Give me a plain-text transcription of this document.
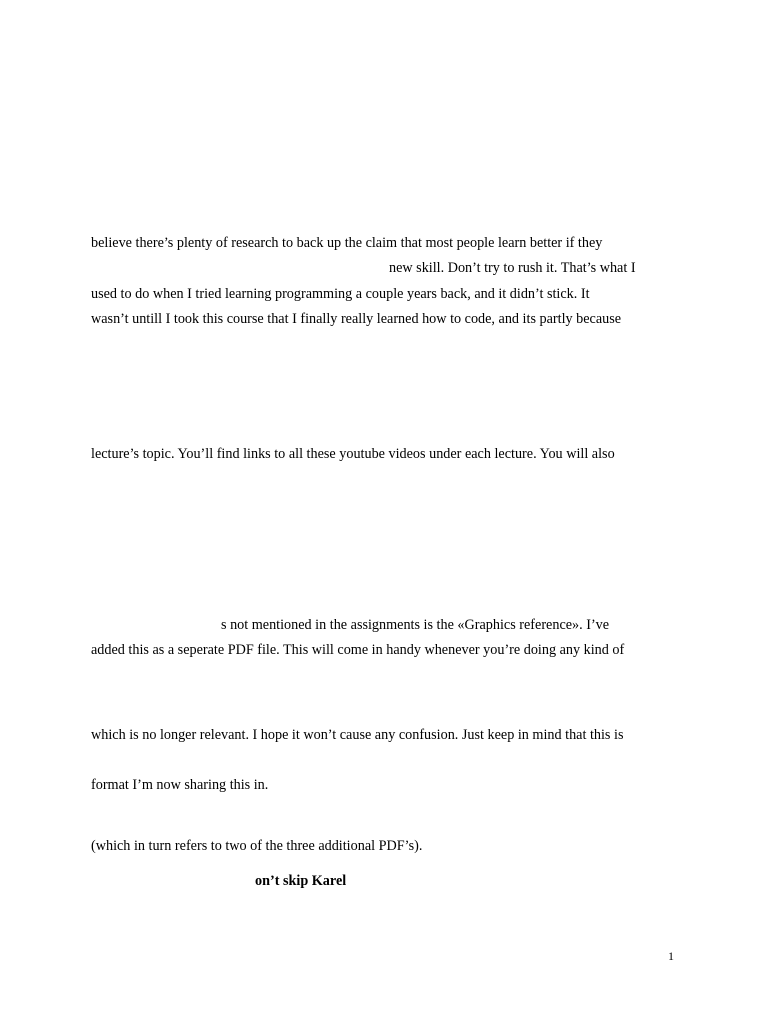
believe there’s plenty of research to back up the claim that most people learn better if they
new skill. Don’t try to rush it. That’s what I
used to do when I tried learning programming a couple years back, and it didn’t stick. It
wasn’t untill I took this course that I finally really learned how to code, and its partly because
lecture’s topic. You’ll find links to all these youtube videos under each lecture. You will also
s not mentioned in the assignments is the «Graphics reference». I’ve
added this as a seperate PDF file. This will come in handy whenever you’re doing any kind of
which is no longer relevant. I hope it won’t cause any confusion. Just keep in mind that this is
format I’m now sharing this in.
(which in turn refers to two of the three additional PDF’s).
on’t skip Karel
1
